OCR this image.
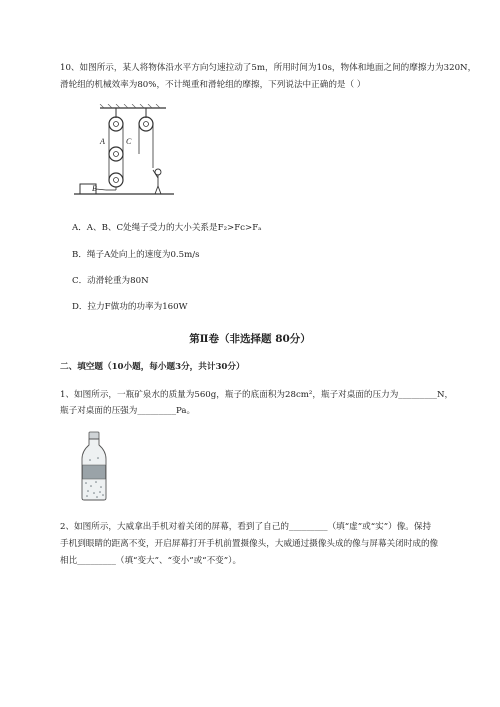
10、如图所示，某人将物体沿水平方向匀速拉动了5m，所用时间为10s，物体和地面之间的摩擦力为320N，
滑轮组的机械效率为80%，不计绳重和滑轮组的摩擦，下列说法中正确的是（ ）
A	C
B
A．A、B、C处绳子受力的大小关系是F₂>Fᴄ>Fₐ
B．绳子A处向上的速度为0.5m/s
C．动滑轮重为80N
D．拉力F做功的功率为160W
第Ⅱ卷（非选择题 80分）
二、填空题（10小题，每小题3分，共计30分）
1、如图所示，一瓶矿泉水的质量为560g，瓶子的底面积为28cm²，瓶子对桌面的压力为_________N，
瓶子对桌面的压强为_________Pa。
2、如图所示，大威拿出手机对着关闭的屏幕，看到了自己的_________（填“虚”或“实”）像。保持
手机到眼睛的距离不变，开启屏幕打开手机前置摄像头，大威通过摄像头成的像与屏幕关闭时成的像
相比_________（填“变大”、“变小”或“不变”）。
